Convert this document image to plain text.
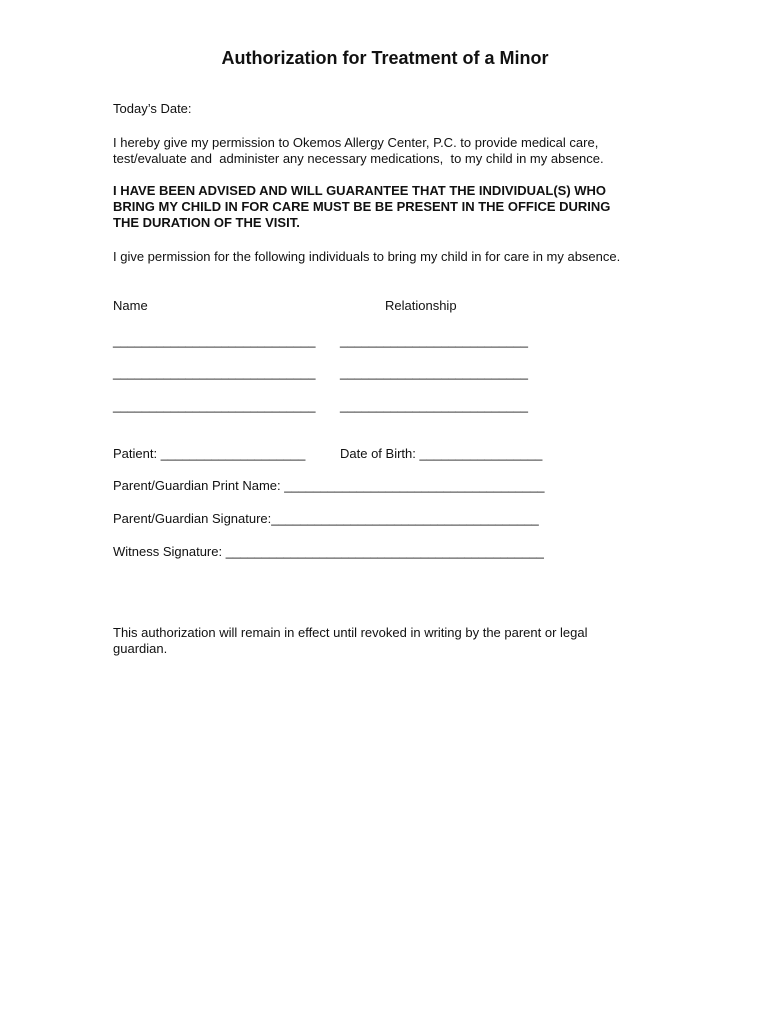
Authorization for Treatment of a Minor

Today’s Date:

I hereby give my permission to Okemos Allergy Center, P.C. to provide medical care,
test/evaluate and  administer any necessary medications,  to my child in my absence.
I HAVE BEEN ADVISED AND WILL GUARANTEE THAT THE INDIVIDUAL(S) WHO
BRING MY CHILD IN FOR CARE MUST BE BE PRESENT IN THE OFFICE DURING
THE DURATION OF THE VISIT.

I give permission for the following individuals to bring my child in for care in my absence.

Name	Relationship

____________________________ __________________________

____________________________ __________________________

____________________________ __________________________

Patient: ____________________	Date of Birth: _________________

Parent/Guardian Print Name: ____________________________________

Parent/Guardian Signature:_____________________________________

Witness Signature: ____________________________________________

This authorization will remain in effect until revoked in writing by the parent or legal
guardian.
